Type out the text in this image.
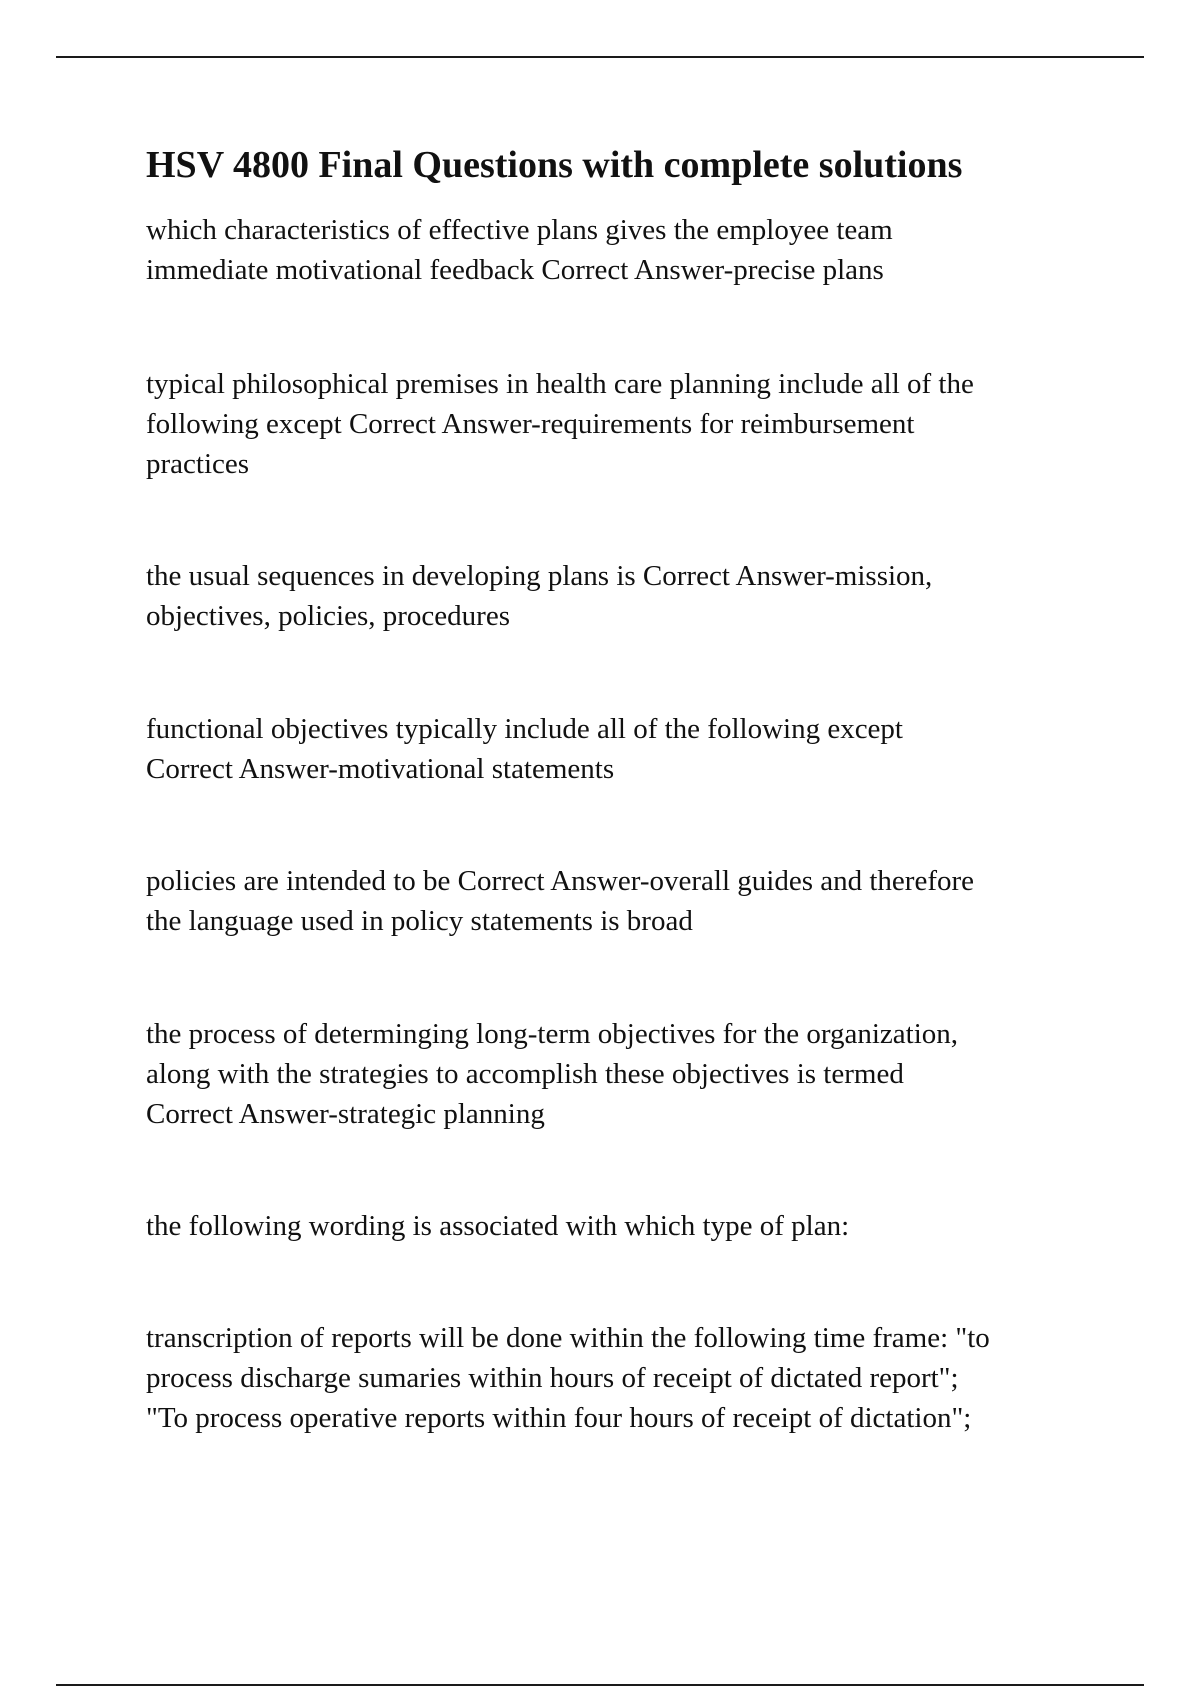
HSV 4800 Final Questions with complete solutions

which characteristics of effective plans gives the employee team
immediate motivational feedback Correct Answer-precise plans

typical philosophical premises in health care planning include all of the
following except Correct Answer-requirements for reimbursement
practices

the usual sequences in developing plans is Correct Answer-mission,
objectives, policies, procedures

functional objectives typically include all of the following except
Correct Answer-motivational statements

policies are intended to be Correct Answer-overall guides and therefore
the language used in policy statements is broad

the process of determinging long-term objectives for the organization,
along with the strategies to accomplish these objectives is termed
Correct Answer-strategic planning

the following wording is associated with which type of plan:

transcription of reports will be done within the following time frame: "to
process discharge sumaries within hours of receipt of dictated report";
"To process operative reports within four hours of receipt of dictation";
